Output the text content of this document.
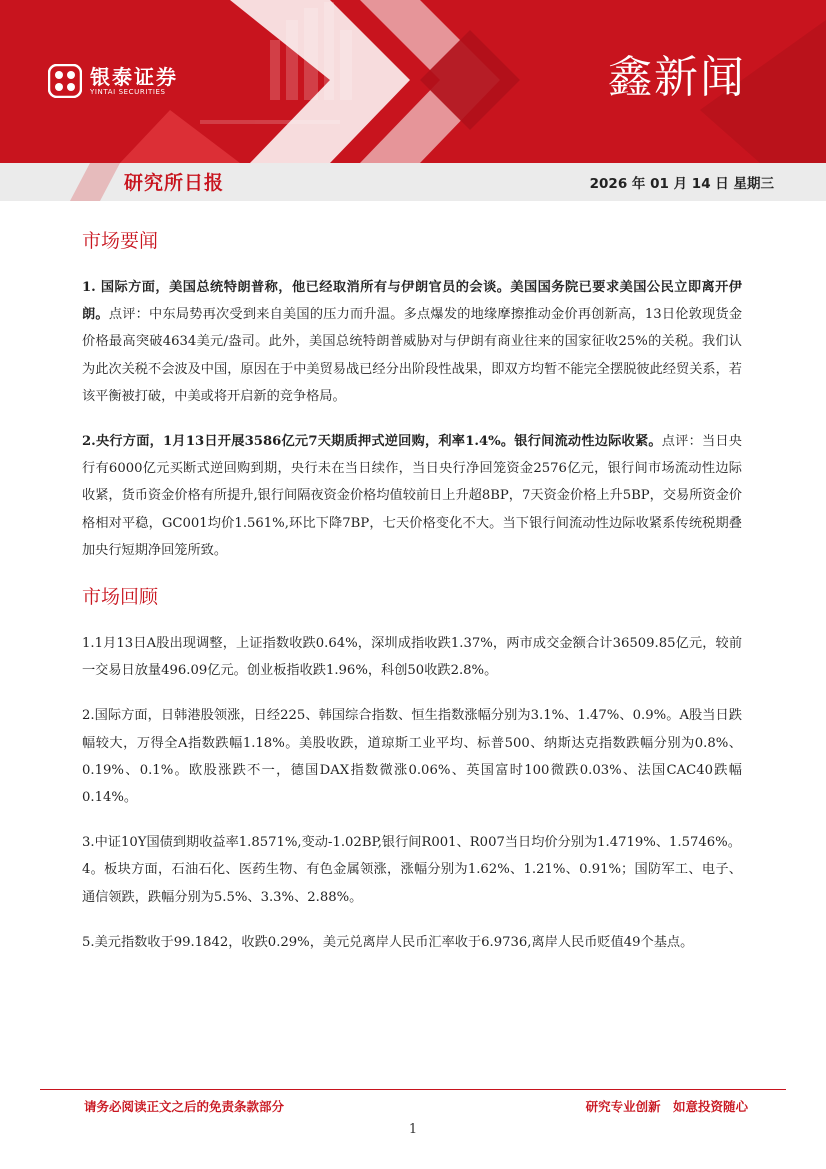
银泰证券
YINTAI SECURITIES	鑫新闻
研究所日报	2026 年 01 月 14 日 星期三
市场要闻

1. 国际方面，美国总统特朗普称，他已经取消所有与伊朗官员的会谈。美国国务院已要求美国公民立即离开伊朗。点评：中东局势再次受到来自美国的压力而升温。多点爆发的地缘摩擦推动金价再创新高，13日伦敦现货金价格最高突破4634美元/盎司。此外，美国总统特朗普威胁对与伊朗有商业往来的国家征收25%的关税。我们认为此次关税不会波及中国，原因在于中美贸易战已经分出阶段性战果，即双方均暂不能完全摆脱彼此经贸关系，若该平衡被打破，中美或将开启新的竞争格局。

2.央行方面，1月13日开展3586亿元7天期质押式逆回购，利率1.4%。银行间流动性边际收紧。点评：当日央行有6000亿元买断式逆回购到期，央行未在当日续作，当日央行净回笼资金2576亿元，银行间市场流动性边际收紧，货币资金价格有所提升,银行间隔夜资金价格均值较前日上升超8BP，7天资金价格上升5BP，交易所资金价格相对平稳，GC001均价1.561%,环比下降7BP，七天价格变化不大。当下银行间流动性边际收紧系传统税期叠加央行短期净回笼所致。

市场回顾

1.1月13日A股出现调整，上证指数收跌0.64%，深圳成指收跌1.37%，两市成交金额合计36509.85亿元，较前一交易日放量496.09亿元。创业板指收跌1.96%，科创50收跌2.8%。

2.国际方面，日韩港股领涨，日经225、韩国综合指数、恒生指数涨幅分别为3.1%、1.47%、0.9%。A股当日跌幅较大，万得全A指数跌幅1.18%。美股收跌，道琼斯工业平均、标普500、纳斯达克指数跌幅分别为0.8%、0.19%、0.1%。欧股涨跌不一，德国DAX指数微涨0.06%、英国富时100微跌0.03%、法国CAC40跌幅0.14%。

3.中证10Y国债到期收益率1.8571%,变动-1.02BP,银行间R001、R007当日均价分别为1.4719%、1.5746%。

4。板块方面，石油石化、医药生物、有色金属领涨，涨幅分别为1.62%、1.21%、0.91%；国防军工、电子、通信领跌，跌幅分别为5.5%、3.3%、2.88%。

5.美元指数收于99.1842，收跌0.29%，美元兑离岸人民币汇率收于6.9736,离岸人民币贬值49个基点。

请务必阅读正文之后的免责条款部分	研究专业创新 如意投资随心
1
